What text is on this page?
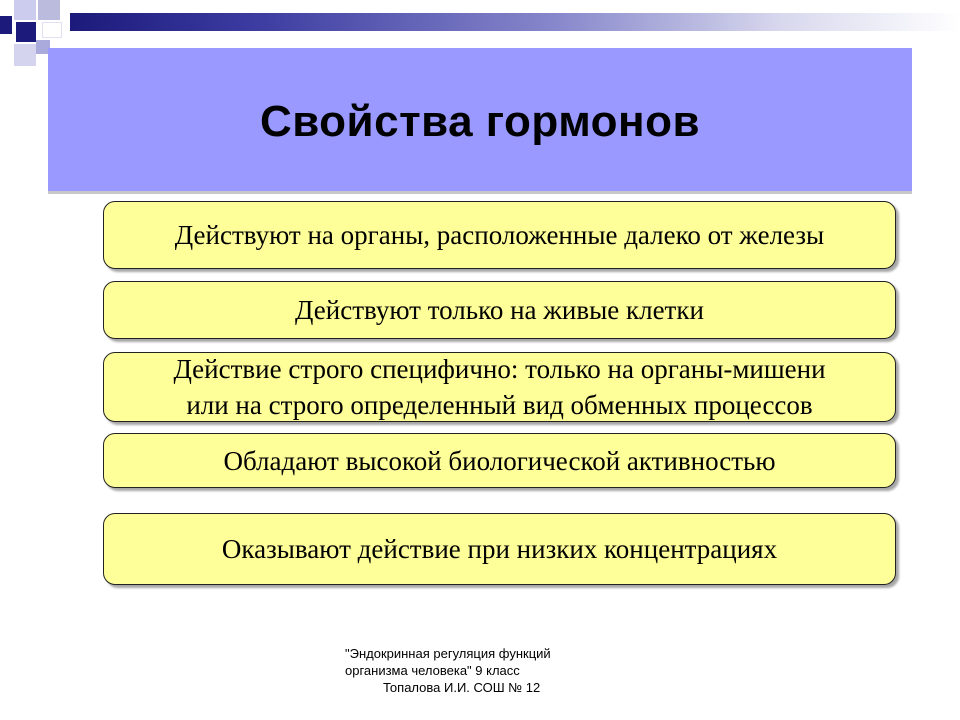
Свойства гормонов
Действуют на органы, расположенные далеко от железы
Действуют только на живые клетки
Действие строго специфично: только на органы-мишени
или на строго определенный вид обменных процессов
Обладают высокой биологической активностью
Оказывают действие при низких концентрациях
"Эндокринная регуляция функций
организма человека" 9 класс
Топалова И.И. СОШ № 12
